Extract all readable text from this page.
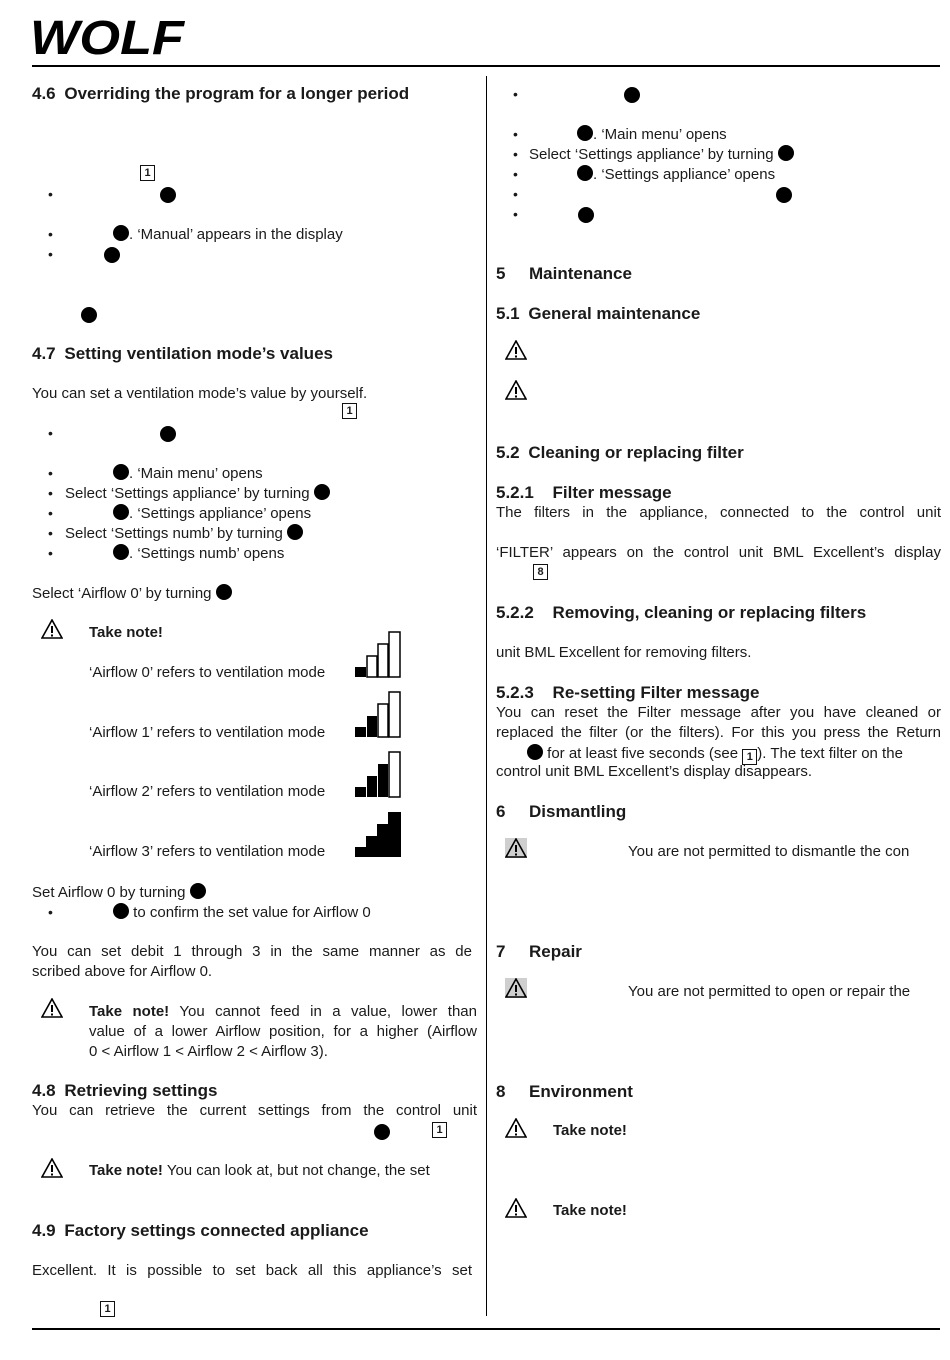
WOLF
4.6 Overriding the program for a longer period
1
•
•	. ‘Manual’ appears in the display
•
4.7 Setting ventilation mode’s values
You can set a ventilation mode’s value by yourself.
1
•
•	. ‘Main menu’ opens
• Select ‘Settings appliance’ by turning
•	. ‘Settings appliance’ opens
• Select ‘Settings numb’ by turning
•	. ‘Settings numb’ opens
Select ‘Airflow 0’ by turning
Take note!
‘Airflow 0’ refers to ventilation mode
‘Airflow 1’ refers to ventilation mode
‘Airflow 2’ refers to ventilation mode
‘Airflow 3’ refers to ventilation mode
Set Airflow 0 by turning
•	to confirm the set value for Airflow 0
You can set debit 1 through 3 in the same manner as de
scribed above for Airflow 0.
Take note! You cannot feed in a value, lower than
value of a lower Airflow position, for a higher (Airflow
0 < Airflow 1 < Airflow 2 < Airflow 3).
4.8 Retrieving settings
You can retrieve the current settings from the control unit
1
Take note! You can look at, but not change, the set
4.9 Factory settings connected appliance
Excellent. It is possible to set back all this appliance’s set
1
•
•	. ‘Main menu’ opens
• Select ‘Settings appliance’ by turning
•	. ‘Settings appliance’ opens
•
•
5 Maintenance
5.1 General maintenance
5.2 Cleaning or replacing filter
5.2.1 Filter message
The filters in the appliance, connected to the control unit
‘FILTER’ appears on the control unit BML Excellent’s display
8
5.2.2 Removing, cleaning or replacing filters
unit BML Excellent for removing filters.
5.2.3 Re-setting Filter message
You can reset the Filter message after you have cleaned or
replaced the filter (or the filters). For this you press the Return
for at least five seconds (see 1 ). The text filter on the
control unit BML Excellent’s display disappears.
6 Dismantling
You are not permitted to dismantle the con
7 Repair
You are not permitted to open or repair the
8 Environment
Take note!
Take note!
